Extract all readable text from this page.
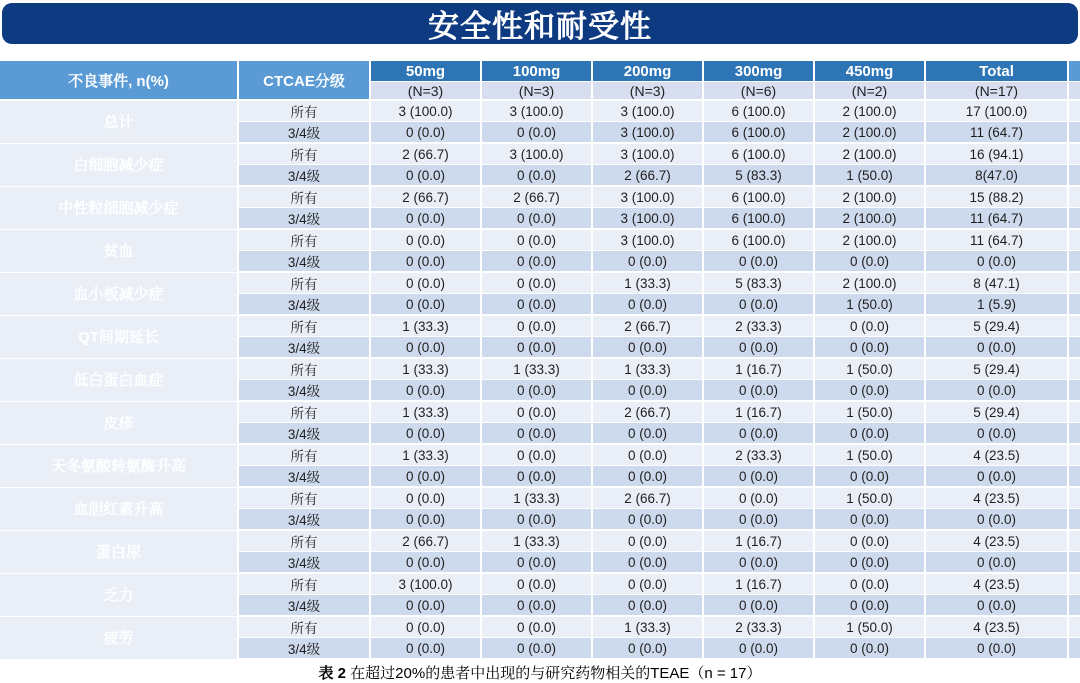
安全性和耐受性
不良事件, n(%)	CTCAE分级	50mg	100mg	200mg	300mg	450mg	Total	
		(N=3)	(N=3)	(N=3)	(N=6)	(N=2)	(N=17)	
总计	所有	3 (100.0)	3 (100.0)	3 (100.0)	6 (100.0)	2 (100.0)	17 (100.0)	
	3/4级	0 (0.0)	0 (0.0)	3 (100.0)	6 (100.0)	2 (100.0)	11 (64.7)	
白细胞减少症	所有	2 (66.7)	3 (100.0)	3 (100.0)	6 (100.0)	2 (100.0)	16 (94.1)	
	3/4级	0 (0.0)	0 (0.0)	2 (66.7)	5 (83.3)	1 (50.0)	8(47.0)	
中性粒细胞减少症	所有	2 (66.7)	2 (66.7)	3 (100.0)	6 (100.0)	2 (100.0)	15 (88.2)	
	3/4级	0 (0.0)	0 (0.0)	3 (100.0)	6 (100.0)	2 (100.0)	11 (64.7)	
贫血	所有	0 (0.0)	0 (0.0)	3 (100.0)	6 (100.0)	2 (100.0)	11 (64.7)	
	3/4级	0 (0.0)	0 (0.0)	0 (0.0)	0 (0.0)	0 (0.0)	0 (0.0)	
血小板减少症	所有	0 (0.0)	0 (0.0)	1 (33.3)	5 (83.3)	2 (100.0)	8 (47.1)	
	3/4级	0 (0.0)	0 (0.0)	0 (0.0)	0 (0.0)	1 (50.0)	1 (5.9)	
QT间期延长	所有	1 (33.3)	0 (0.0)	2 (66.7)	2 (33.3)	0 (0.0)	5 (29.4)	
	3/4级	0 (0.0)	0 (0.0)	0 (0.0)	0 (0.0)	0 (0.0)	0 (0.0)	
低白蛋白血症	所有	1 (33.3)	1 (33.3)	1 (33.3)	1 (16.7)	1 (50.0)	5 (29.4)	
	3/4级	0 (0.0)	0 (0.0)	0 (0.0)	0 (0.0)	0 (0.0)	0 (0.0)	
皮疹	所有	1 (33.3)	0 (0.0)	2 (66.7)	1 (16.7)	1 (50.0)	5 (29.4)	
	3/4级	0 (0.0)	0 (0.0)	0 (0.0)	0 (0.0)	0 (0.0)	0 (0.0)	
天冬氨酸转氨酶升高	所有	1 (33.3)	0 (0.0)	0 (0.0)	2 (33.3)	1 (50.0)	4 (23.5)	
	3/4级	0 (0.0)	0 (0.0)	0 (0.0)	0 (0.0)	0 (0.0)	0 (0.0)	
血胆红素升高	所有	0 (0.0)	1 (33.3)	2 (66.7)	0 (0.0)	1 (50.0)	4 (23.5)	
	3/4级	0 (0.0)	0 (0.0)	0 (0.0)	0 (0.0)	0 (0.0)	0 (0.0)	
蛋白尿	所有	2 (66.7)	1 (33.3)	0 (0.0)	1 (16.7)	0 (0.0)	4 (23.5)	
	3/4级	0 (0.0)	0 (0.0)	0 (0.0)	0 (0.0)	0 (0.0)	0 (0.0)	
乏力	所有	3 (100.0)	0 (0.0)	0 (0.0)	1 (16.7)	0 (0.0)	4 (23.5)	
	3/4级	0 (0.0)	0 (0.0)	0 (0.0)	0 (0.0)	0 (0.0)	0 (0.0)	
疲劳	所有	0 (0.0)	0 (0.0)	1 (33.3)	2 (33.3)	1 (50.0)	4 (23.5)	
	3/4级	0 (0.0)	0 (0.0)	0 (0.0)	0 (0.0)	0 (0.0)	0 (0.0)	
表 2 在超过20%的患者中出现的与研究药物相关的TEAE（n = 17）
